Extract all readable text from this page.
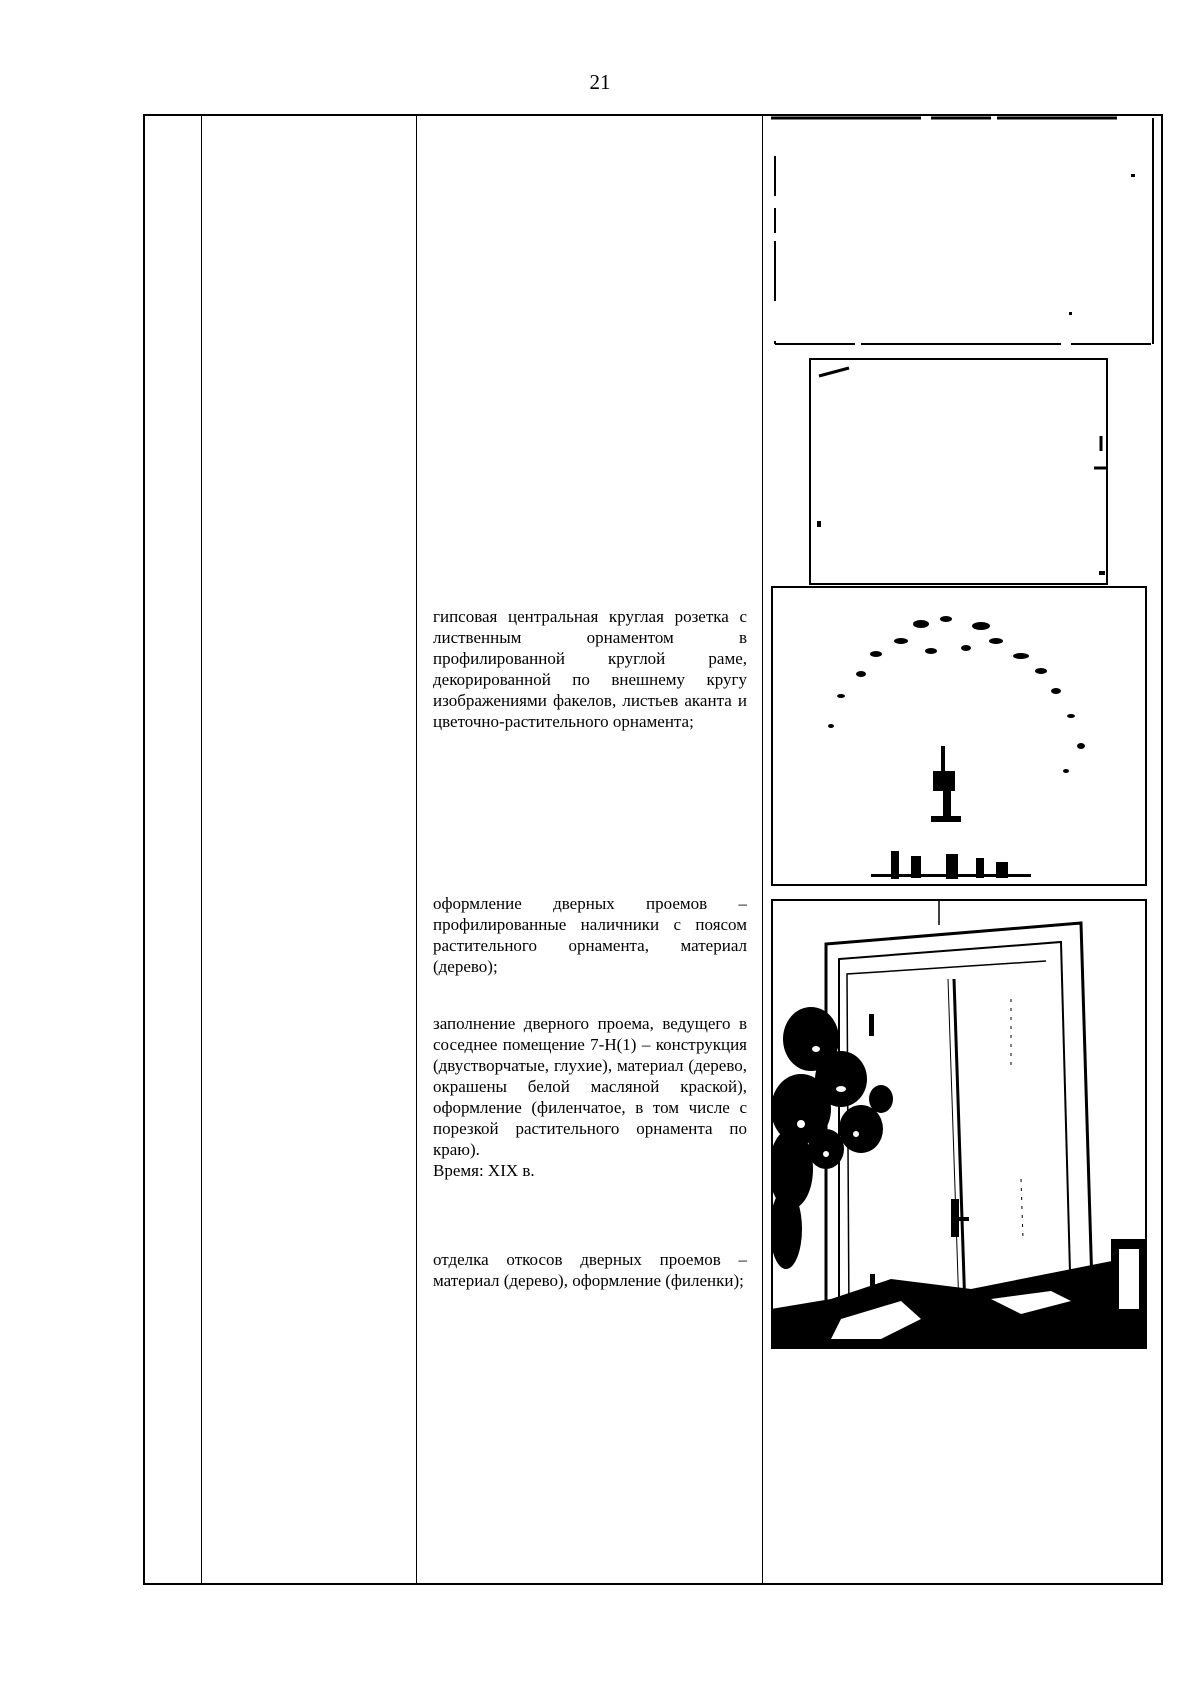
21

гипсовая центральная круглая розетка с лиственным орнаментом в профилированной круглой раме, декорированной по внешнему кругу изображениями факелов, листьев аканта и цветочно-растительного орнамента;

оформление дверных проемов – профилированные наличники с поясом растительного орнамента, материал (дерево);

заполнение дверного проема, ведущего в соседнее помещение 7-Н(1) – конструкция (двустворчатые, глухие), материал (дерево, окрашены белой масляной краской), оформление (филенчатое, в том числе с порезкой растительного орнамента по краю).

Время: XIX в.

отделка откосов дверных проемов – материал (дерево), оформление (филенки);
